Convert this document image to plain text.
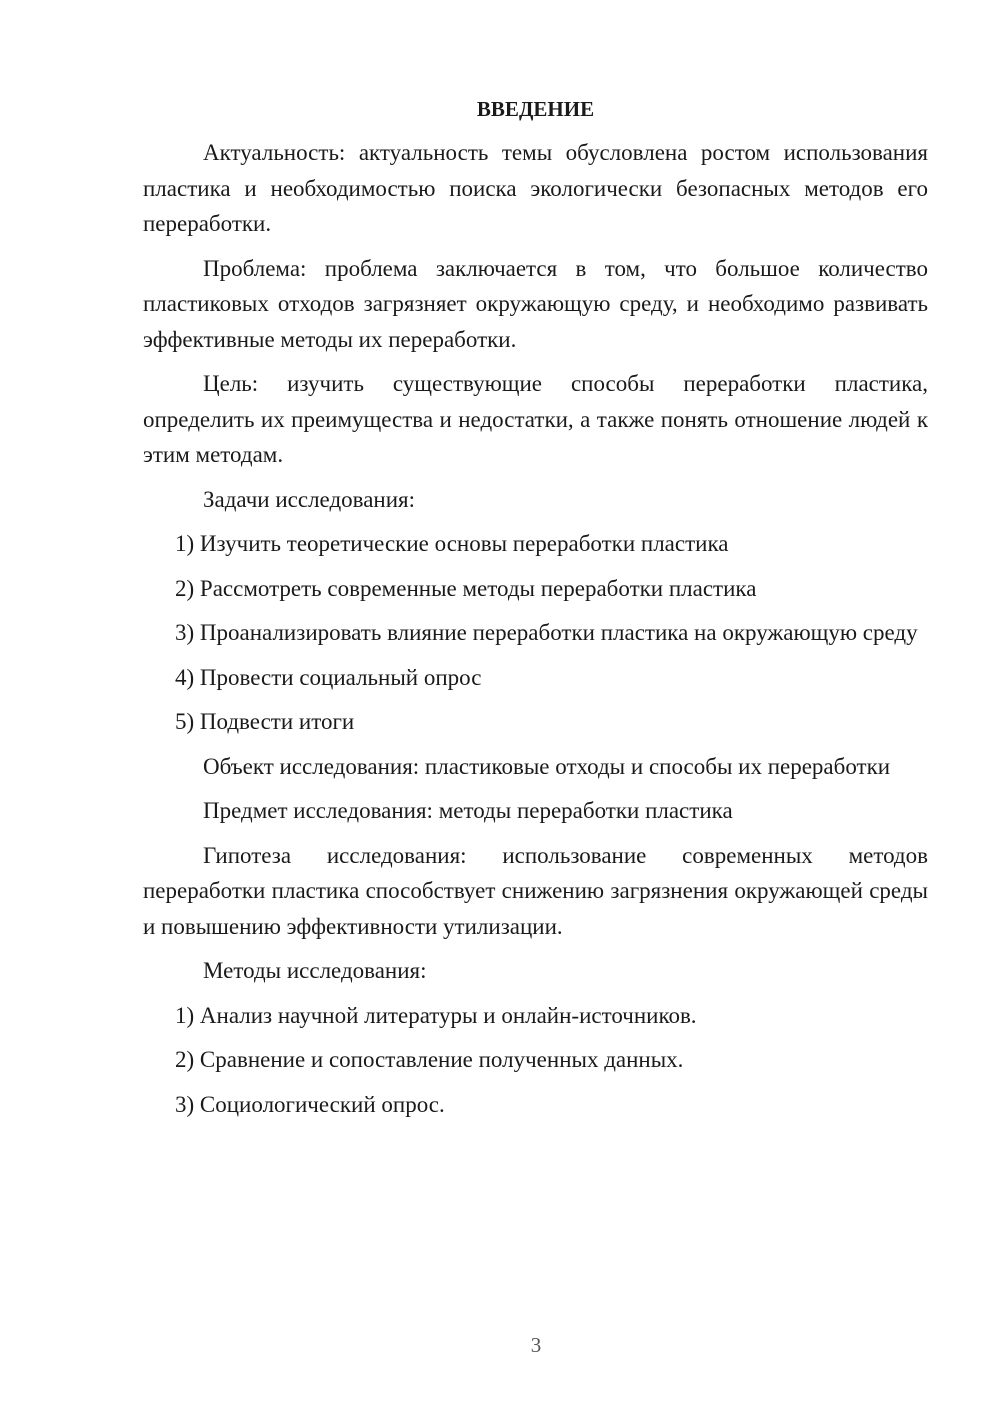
ВВЕДЕНИЕ

Актуальность: актуальность темы обусловлена ростом использования пластика и необходимостью поиска экологически безопасных методов его переработки.

Проблема: проблема заключается в том, что большое количество пластиковых отходов загрязняет окружающую среду, и необходимо развивать эффективные методы их переработки.

Цель: изучить существующие способы переработки пластика, определить их преимущества и недостатки, а также понять отношение людей к этим методам.

Задачи исследования:

1) Изучить теоретические основы переработки пластика

2) Рассмотреть современные методы переработки пластика

3) Проанализировать влияние переработки пластика на окружающую среду

4) Провести социальный опрос

5) Подвести итоги

Объект исследования: пластиковые отходы и способы их переработки

Предмет исследования: методы переработки пластика

Гипотеза исследования: использование современных методов переработки пластика способствует снижению загрязнения окружающей среды и повышению эффективности утилизации.

Методы исследования:

1) Анализ научной литературы и онлайн-источников.

2) Сравнение и сопоставление полученных данных.

3) Социологический опрос.

3
